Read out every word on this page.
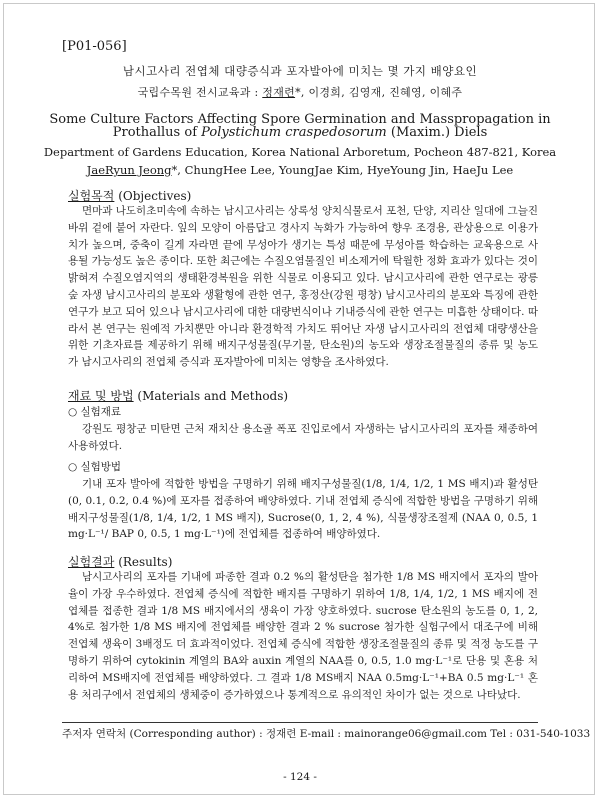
[P01-056]
남시고사리 전엽체 대량증식과 포자발아에 미치는 몇 가지 배양요인
국립수목원 전시교육과 : 정재련*, 이경희, 김영재, 진혜영, 이혜주
Some Culture Factors Affecting Spore Germination and Masspropagation in
Prothallus of Polystichum craspedosorum (Maxim.) Diels
Department of Gardens Education, Korea National Arboretum, Pocheon 487-821, Korea
JaeRyun Jeong*, ChungHee Lee, YoungJae Kim, HyeYoung Jin, HaeJu Lee
실험목적 (Objectives)
면마과 나도히초미속에 속하는 남시고사리는 상록성 양치식물로서 포천, 단양, 지리산 일대에 그늘진 바위 겉에 붙어 자란다. 잎의 모양이 아름답고 경사지 녹화가 가능하여 향우 조경용, 관상용으로 이용가치가 높으며, 중축이 길게 자라면 끝에 무성아가 생기는 특성 때문에 무성아를 학습하는 교육용으로 사용될 가능성도 높은 종이다. 또한 최근에는 수질오염물질인 비소제거에 탁월한 정화 효과가 있다는 것이 밝혀져 수질오염지역의 생태환경복원을 위한 식물로 이용되고 있다. 남시고사리에 관한 연구로는 광릉숲 자생 남시고사리의 분포와 생활형에 관한 연구, 홍정산(강원 평창) 남시고사리의 분포와 특징에 관한 연구가 보고 되어 있으나 남시고사리에 대한 대량번식이나 기내증식에 관한 연구는 미흡한 상태이다. 따라서 본 연구는 원예적 가치뿐만 아니라 환경학적 가치도 뛰어난 자생 남시고사리의 전엽체 대량생산을 위한 기초자료를 제공하기 위해 배지구성물질(무기물, 탄소원)의 농도와 생장조절물질의 종류 및 농도가 남시고사리의 전엽체 증식과 포자발아에 미치는 영향을 조사하였다.
재료 및 방법 (Materials and Methods)
○ 실험재료
강원도 평창군 미탄면 근처 재치산 용소골 폭포 진입로에서 자생하는 남시고사리의 포자를 채종하여 사용하였다.
○ 실험방법
기내 포자 발아에 적합한 방법을 구명하기 위해 배지구성물질(1/8, 1/4, 1/2, 1 MS 배지)과 활성탄 (0, 0.1, 0.2, 0.4 %)에 포자를 접종하여 배양하였다. 기내 전엽체 증식에 적합한 방법을 구명하기 위해 배지구성물질(1/8, 1/4, 1/2, 1 MS 배지), Sucrose(0, 1, 2, 4 %), 식물생장조절제 (NAA 0, 0.5, 1 mg·L⁻¹/ BAP 0, 0.5, 1 mg·L⁻¹)에 전엽체를 접종하여 배양하였다.
실험결과 (Results)
남시고사리의 포자를 기내에 파종한 결과 0.2 %의 활성탄을 첨가한 1/8 MS 배지에서 포자의 발아율이 가장 우수하였다. 전엽체 증식에 적합한 배지를 구명하기 위하여 1/8, 1/4, 1/2, 1 MS 배지에 전엽체를 접종한 결과 1/8 MS 배지에서의 생육이 가장 양호하였다. sucrose 탄소원의 농도를 0, 1, 2, 4%로 첨가한 1/8 MS 배지에 전엽체를 배양한 결과 2 % sucrose 첨가한 실험구에서 대조구에 비해 전엽체 생육이 3배정도 더 효과적이었다. 전엽체 증식에 적합한 생장조절물질의 종류 및 적정 농도를 구명하기 위하여 cytokinin 계열의 BA와 auxin 계열의 NAA를 0, 0.5, 1.0 mg·L⁻¹로 단용 및 혼용 처리하여 MS배지에 전엽체를 배양하였다. 그 결과 1/8 MS배지 NAA 0.5mg·L⁻¹+BA 0.5 mg·L⁻¹ 혼용 처리구에서 전엽체의 생체중이 증가하였으나 통계적으로 유의적인 차이가 없는 것으로 나타났다.
주저자 연락처 (Corresponding author) : 정재련 E-mail : mainorange06@gmail.com Tel : 031-540-1033
- 124 -
